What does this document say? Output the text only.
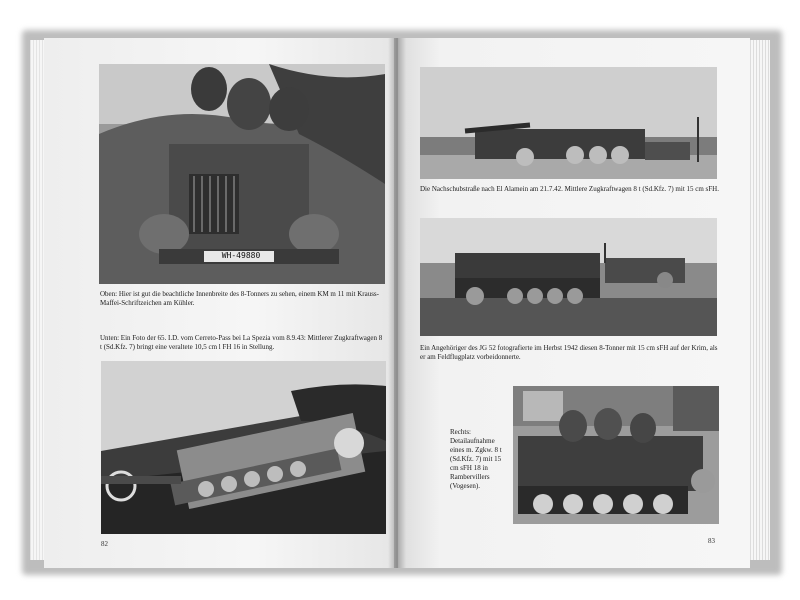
WH-49880
Oben: Hier ist gut die beachtliche Innenbreite des 8-Tonners zu sehen, einem KM m 11 mit Krauss-Maffei-Schriftzeichen am Kühler.
Unten: Ein Foto der 65. I.D. vom Cerreto-Pass bei La Spezia vom 8.9.43: Mittlerer Zugkraftwagen 8 t (Sd.Kfz. 7) bringt eine veraltete 10,5 cm l FH 16 in Stellung.
82
Die Nachschubstraße nach El Alamein am 21.7.42. Mittlere Zugkraftwagen 8 t (Sd.Kfz. 7) mit 15 cm sFH.
Ein Angehöriger des JG 52 fotografierte im Herbst 1942 diesen 8-Tonner mit 15 cm sFH auf der Krim, als er am Feldflugplatz vorbeidonnerte.
Rechts: Detailaufnahme eines m. Zgkw. 8 t (Sd.Kfz. 7) mit 15 cm sFH 18 in Rambervillers (Vogesen).
83
